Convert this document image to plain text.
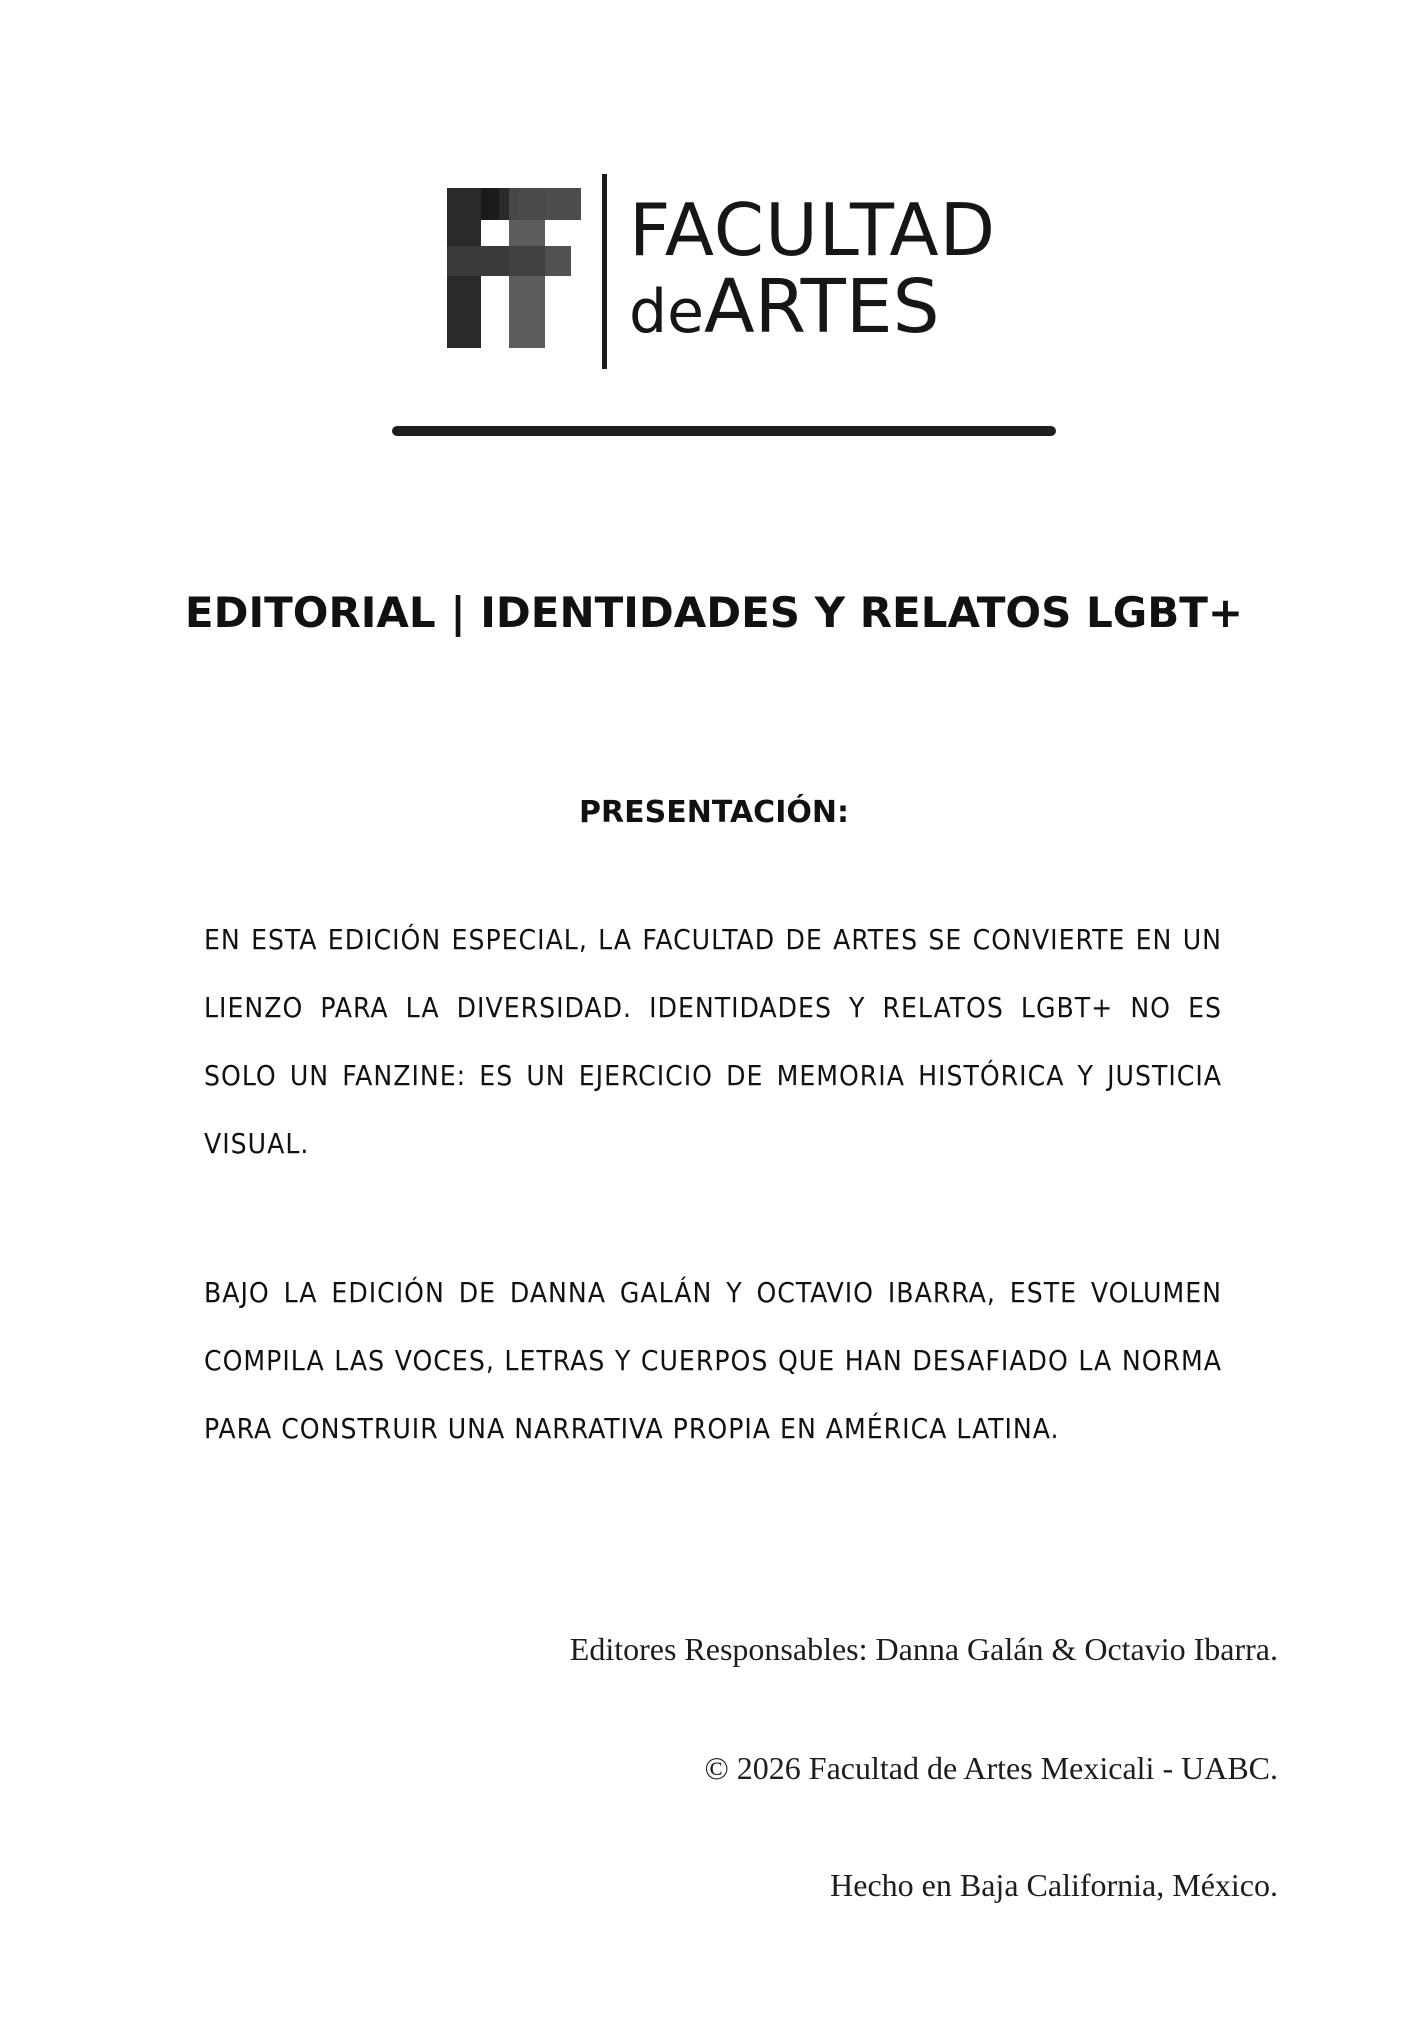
FACULTAD
deARTES
EDITORIAL | IDENTIDADES Y RELATOS LGBT+
PRESENTACIÓN:
EN ESTA EDICIÓN ESPECIAL, LA FACULTAD DE ARTES SE CONVIERTE EN UN LIENZO PARA LA DIVERSIDAD. IDENTIDADES Y RELATOS LGBT+ NO ES SOLO UN FANZINE: ES UN EJERCICIO DE MEMORIA HISTÓRICA Y JUSTICIA VISUAL.
BAJO LA EDICIÓN DE DANNA GALÁN Y OCTAVIO IBARRA, ESTE VOLUMEN COMPILA LAS VOCES, LETRAS Y CUERPOS QUE HAN DESAFIADO LA NORMA PARA CONSTRUIR UNA NARRATIVA PROPIA EN AMÉRICA LATINA.
Editores Responsables: Danna Galán & Octavio Ibarra.
© 2026 Facultad de Artes Mexicali - UABC.
Hecho en Baja California, México.
